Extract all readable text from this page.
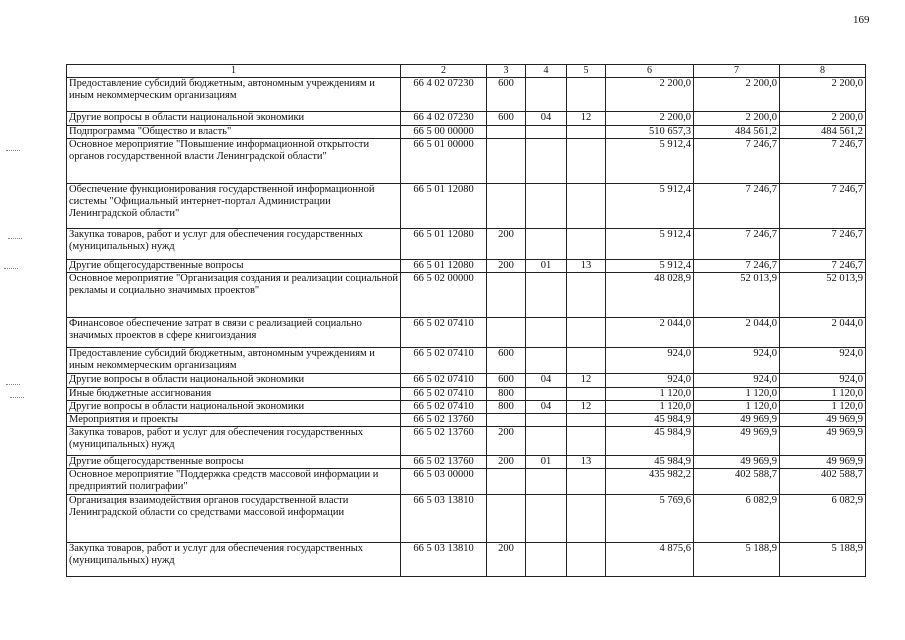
169
1	2	3	4	5	6	7	8
Предоставление субсидий бюджетным, автономным учреждениям и иным некоммерческим организациям	66 4 02 07230	600			2 200,0	2 200,0	2 200,0
Другие вопросы в области национальной экономики	66 4 02 07230	600	04	12	2 200,0	2 200,0	2 200,0
Подпрограмма "Общество и власть"	66 5 00 00000				510 657,3	484 561,2	484 561,2
Основное мероприятие "Повышение информационной открытости органов государственной власти Ленинградской области"	66 5 01 00000				5 912,4	7 246,7	7 246,7
Обеспечение функционирования государственной информационной системы "Официальный интернет-портал Администрации Ленинградской области"	66 5 01 12080				5 912,4	7 246,7	7 246,7
Закупка товаров, работ и услуг для обеспечения государственных (муниципальных) нужд	66 5 01 12080	200			5 912,4	7 246,7	7 246,7
Другие общегосударственные вопросы	66 5 01 12080	200	01	13	5 912,4	7 246,7	7 246,7
Основное мероприятие "Организация создания и реализации социальной рекламы и социально значимых проектов"	66 5 02 00000				48 028,9	52 013,9	52 013,9
Финансовое обеспечение затрат в связи с реализацией социально значимых проектов в сфере книгоиздания	66 5 02 07410				2 044,0	2 044,0	2 044,0
Предоставление субсидий бюджетным, автономным учреждениям и иным некоммерческим организациям	66 5 02 07410	600			924,0	924,0	924,0
Другие вопросы в области национальной экономики	66 5 02 07410	600	04	12	924,0	924,0	924,0
Иные бюджетные ассигнования	66 5 02 07410	800			1 120,0	1 120,0	1 120,0
Другие вопросы в области национальной экономики	66 5 02 07410	800	04	12	1 120,0	1 120,0	1 120,0
Мероприятия и проекты	66 5 02 13760				45 984,9	49 969,9	49 969,9
Закупка товаров, работ и услуг для обеспечения государственных (муниципальных) нужд	66 5 02 13760	200			45 984,9	49 969,9	49 969,9
Другие общегосударственные вопросы	66 5 02 13760	200	01	13	45 984,9	49 969,9	49 969,9
Основное мероприятие "Поддержка средств массовой информации и предприятий полиграфии"	66 5 03 00000				435 982,2	402 588,7	402 588,7
Организация взаимодействия органов государственной власти Ленинградской области со средствами массовой информации	66 5 03 13810				5 769,6	6 082,9	6 082,9
Закупка товаров, работ и услуг для обеспечения государственных (муниципальных) нужд	66 5 03 13810	200			4 875,6	5 188,9	5 188,9
